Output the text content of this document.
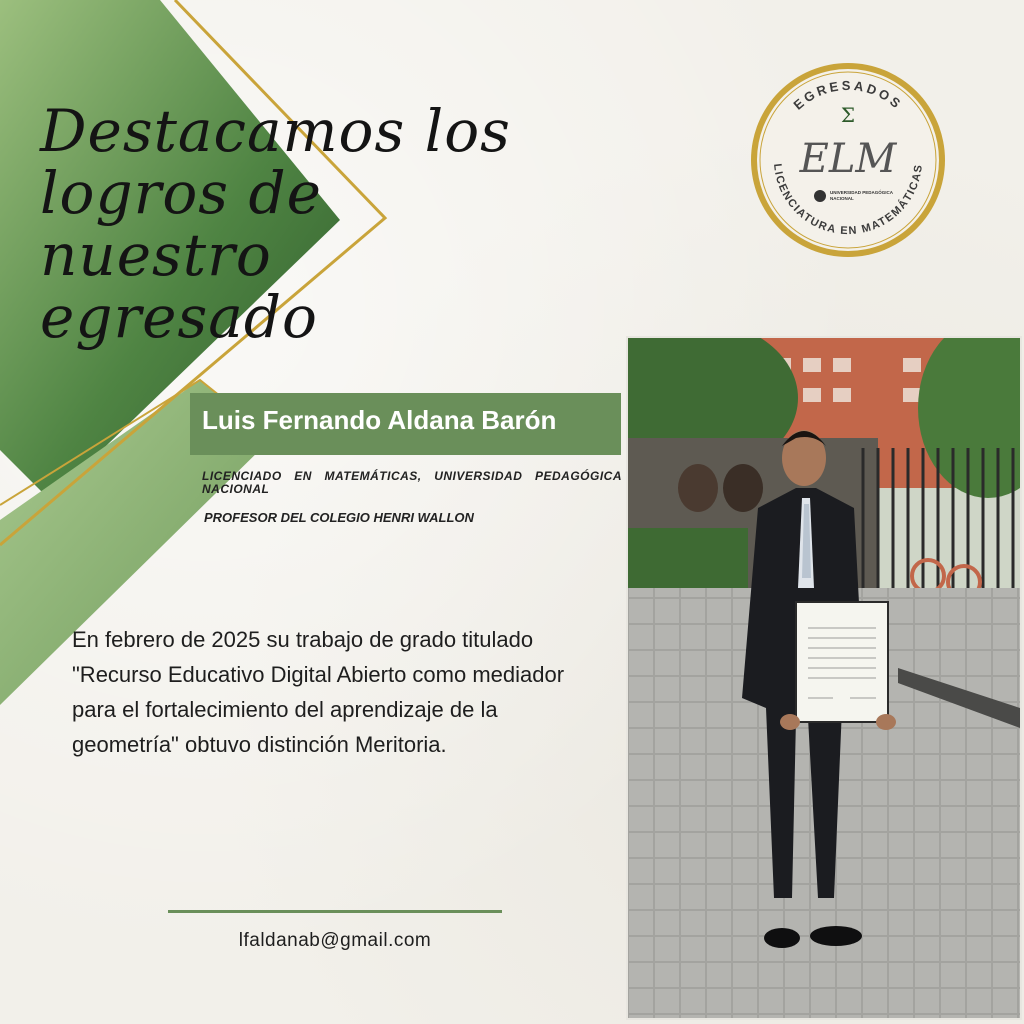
Destacamos los logros de nuestro egresado

Luis Fernando Aldana Barón

LICENCIADO EN MATEMÁTICAS, UNIVERSIDAD PEDAGÓGICA NACIONAL

PROFESOR DEL COLEGIO HENRI WALLON

En febrero de 2025 su trabajo de grado titulado "Recurso Educativo Digital Abierto como mediador para el fortalecimiento del aprendizaje de la geometría" obtuvo distinción Meritoria.

lfaldanab@gmail.com

EGRESADOS
LICENCIATURA EN MATEMÁTICAS
Σ
ELM
UNIVERSIDAD PEDAGÓGICA
NACIONAL
